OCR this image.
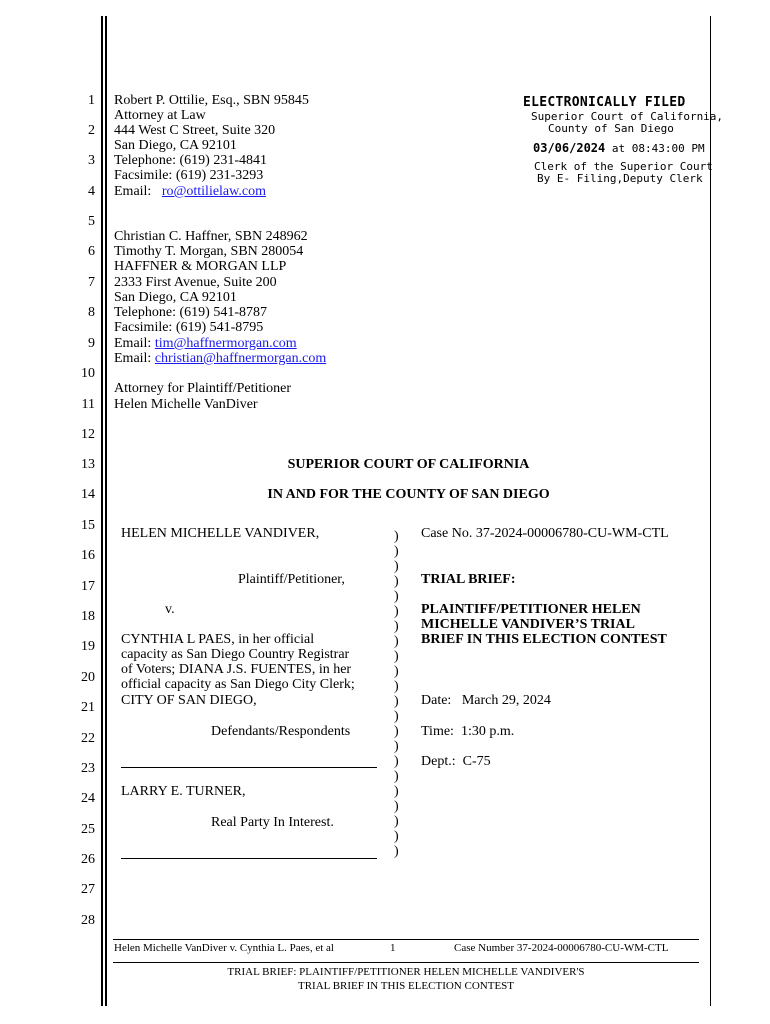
1
2
3
4
5
6
7
8
9
10
11
12
13
14
15
16
17
18
19
20
21
22
23
24
25
26
27
28
Robert P. Ottilie, Esq., SBN 95845
Attorney at Law
444 West C Street, Suite 320
San Diego, CA 92101
Telephone: (619) 231-4841
Facsimile: (619) 231-3293
Email: ro@ottilielaw.com
ELECTRONICALLY FILED
Superior Court of California,
County of San Diego
03/06/2024 at 08:43:00 PM
Clerk of the Superior Court
By E- Filing,Deputy Clerk
Christian C. Haffner, SBN 248962
Timothy T. Morgan, SBN 280054
HAFFNER & MORGAN LLP
2333 First Avenue, Suite 200
San Diego, CA 92101
Telephone: (619) 541-8787
Facsimile: (619) 541-8795
Email: tim@haffnermorgan.com
Email: christian@haffnermorgan.com
Attorney for Plaintiff/Petitioner
Helen Michelle VanDiver
SUPERIOR COURT OF CALIFORNIA
IN AND FOR THE COUNTY OF SAN DIEGO
HELEN MICHELLE VANDIVER,
Plaintiff/Petitioner,
v.
CYNTHIA L PAES, in her official
capacity as San Diego Country Registrar
of Voters; DIANA J.S. FUENTES, in her
official capacity as San Diego City Clerk;
CITY OF SAN DIEGO,
Defendants/Respondents
LARRY E. TURNER,
Real Party In Interest.
)
)
)
)
)
)
)
)
)
)
)
)
)
)
)
)
)
)
)
)
)
)
Case No. 37-2024-00006780-CU-WM-CTL
TRIAL BRIEF:
PLAINTIFF/PETITIONER HELEN
MICHELLE VANDIVER’S TRIAL
BRIEF IN THIS ELECTION CONTEST
Date: March 29, 2024
Time: 1:30 p.m.
Dept.: C-75
Helen Michelle VanDiver v. Cynthia L. Paes, et al	1	Case Number 37-2024-00006780-CU-WM-CTL
TRIAL BRIEF: PLAINTIFF/PETITIONER HELEN MICHELLE VANDIVER'S
TRIAL BRIEF IN THIS ELECTION CONTEST
